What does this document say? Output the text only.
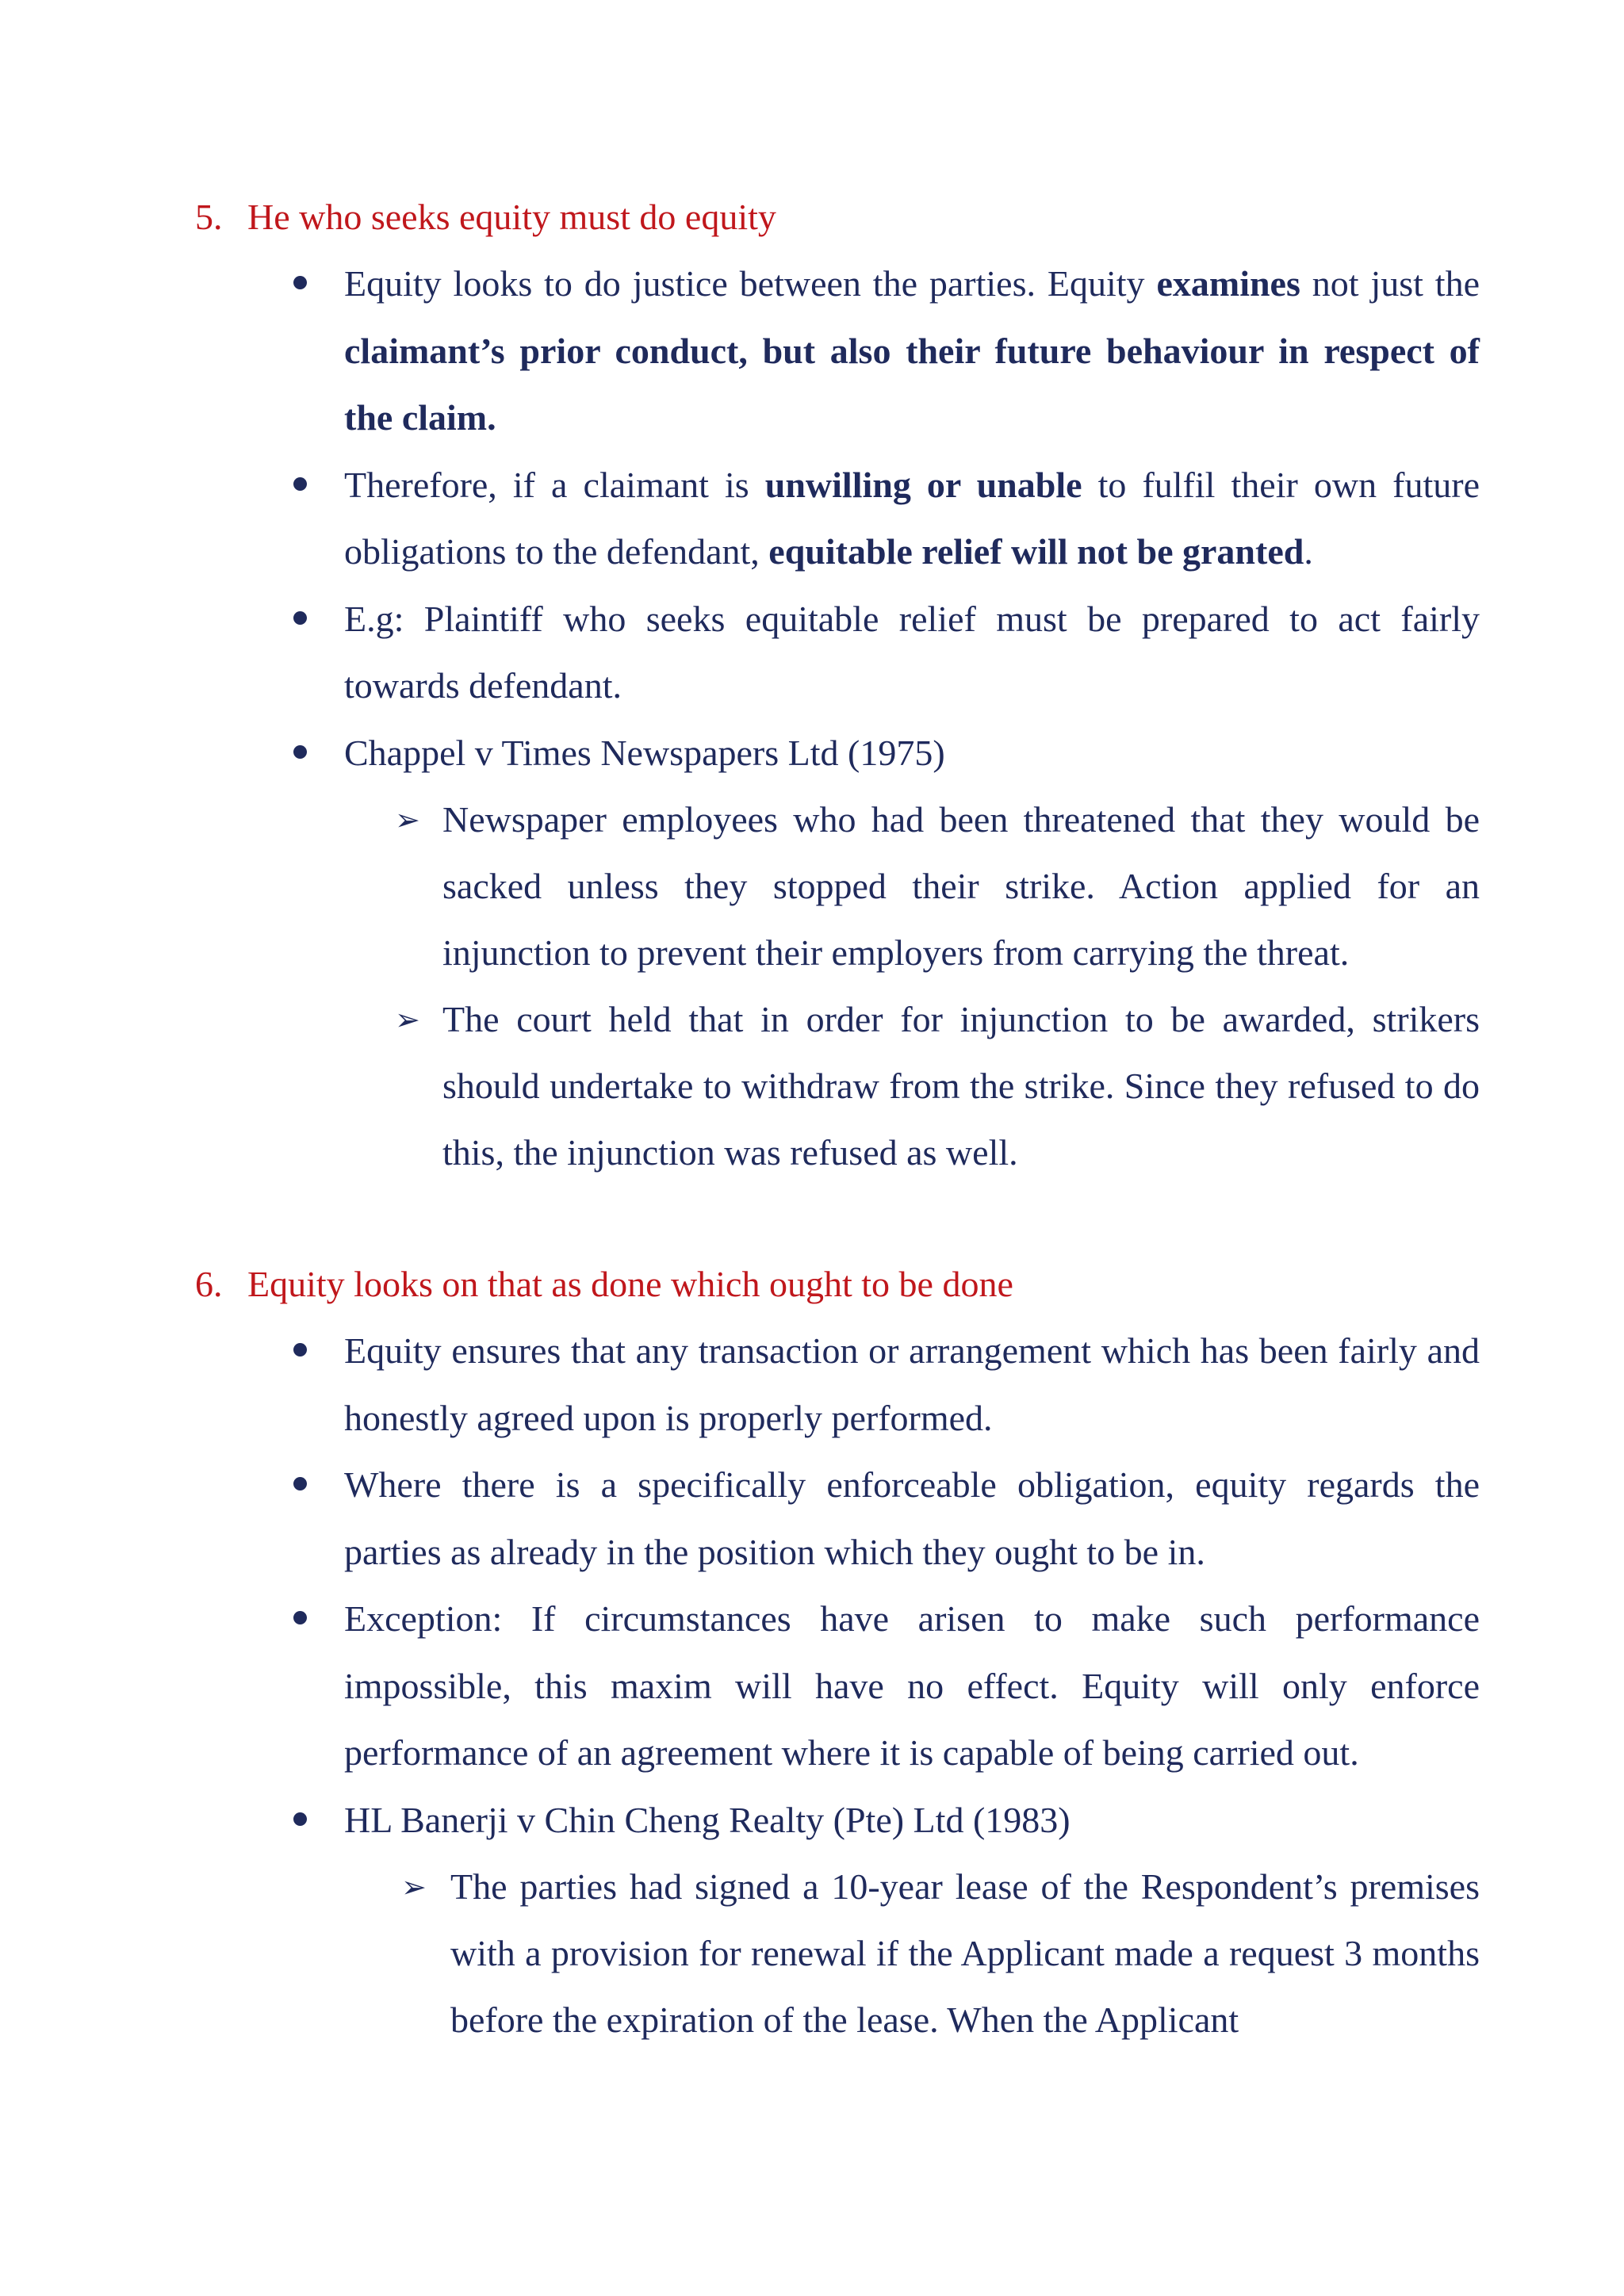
5. He who seeks equity must do equity
Equity looks to do justice between the parties. Equity examines not just the claimant’s prior conduct, but also their future behaviour in respect of the claim.
Therefore, if a claimant is unwilling or unable to fulfil their own future obligations to the defendant, equitable relief will not be granted.
E.g: Plaintiff who seeks equitable relief must be prepared to act fairly towards defendant.
Chappel v Times Newspapers Ltd (1975)
➢ Newspaper employees who had been threatened that they would be sacked unless they stopped their strike. Action applied for an injunction to prevent their employers from carrying the threat.
➢ The court held that in order for injunction to be awarded, strikers should undertake to withdraw from the strike. Since they refused to do this, the injunction was refused as well.
6. Equity looks on that as done which ought to be done
Equity ensures that any transaction or arrangement which has been fairly and honestly agreed upon is properly performed.
Where there is a specifically enforceable obligation, equity regards the parties as already in the position which they ought to be in.
Exception: If circumstances have arisen to make such performance impossible, this maxim will have no effect. Equity will only enforce performance of an agreement where it is capable of being carried out.
HL Banerji v Chin Cheng Realty (Pte) Ltd (1983)
➢ The parties had signed a 10-year lease of the Respondent’s premises with a provision for renewal if the Applicant made a request 3 months before the expiration of the lease. When the Applicant
